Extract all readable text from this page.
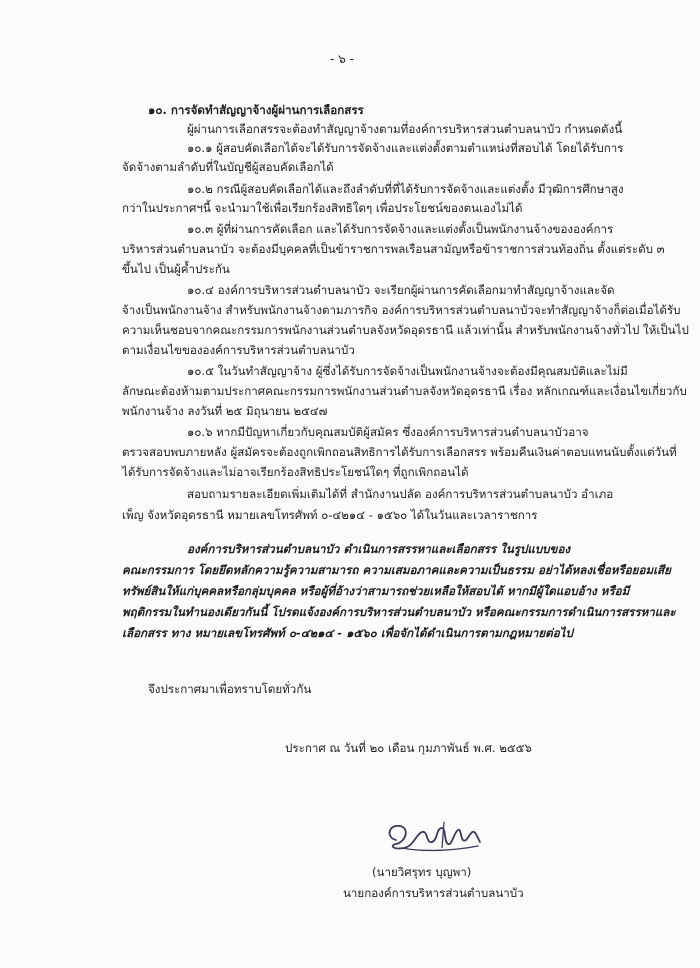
- ๖ -
๑๐. การจัดทำสัญญาจ้างผู้ผ่านการเลือกสรร
ผู้ผ่านการเลือกสรรจะต้องทำสัญญาจ้างตามที่องค์การบริหารส่วนตำบลนาบัว กำหนดดังนี้
๑๐.๑ ผู้สอบคัดเลือกได้จะได้รับการจัดจ้างและแต่งตั้งตามตำแหน่งที่สอบได้ โดยได้รับการ
จัดจ้างตามลำดับที่ในบัญชีผู้สอบคัดเลือกได้
๑๐.๒ กรณีผู้สอบคัดเลือกได้และถึงลำดับที่ที่ได้รับการจัดจ้างและแต่งตั้ง มีวุฒิการศึกษาสูง
กว่าในประกาศฯนี้ จะนำมาใช้เพื่อเรียกร้องสิทธิใดๆ เพื่อประโยชน์ของตนเองไม่ได้
๑๐.๓ ผู้ที่ผ่านการคัดเลือก และได้รับการจัดจ้างและแต่งตั้งเป็นพนักงานจ้างขององค์การ
บริหารส่วนตำบลนาบัว จะต้องมีบุคคลที่เป็นข้าราชการพลเรือนสามัญหรือข้าราชการส่วนท้องถิ่น ตั้งแต่ระดับ ๓
ขึ้นไป เป็นผู้ค้ำประกัน
๑๐.๔ องค์การบริหารส่วนตำบลนาบัว จะเรียกผู้ผ่านการคัดเลือกมาทำสัญญาจ้างและจัด
จ้างเป็นพนักงานจ้าง สำหรับพนักงานจ้างตามภารกิจ องค์การบริหารส่วนตำบลนาบัวจะทำสัญญาจ้างก็ต่อเมื่อได้รับ
ความเห็นชอบจากคณะกรรมการพนักงานส่วนตำบลจังหวัดอุดรธานี แล้วเท่านั้น สำหรับพนักงานจ้างทั่วไป ให้เป็นไป
ตามเงื่อนไขขององค์การบริหารส่วนตำบลนาบัว
๑๐.๕ ในวันทำสัญญาจ้าง ผู้ซึ่งได้รับการจัดจ้างเป็นพนักงานจ้างจะต้องมีคุณสมบัติและไม่มี
ลักษณะต้องห้ามตามประกาศคณะกรรมการพนักงานส่วนตำบลจังหวัดอุดรธานี เรื่อง หลักเกณฑ์และเงื่อนไขเกี่ยวกับ
พนักงานจ้าง ลงวันที่ ๒๕ มิถุนายน ๒๕๔๗
๑๐.๖ หากมีปัญหาเกี่ยวกับคุณสมบัติผู้สมัคร ซึ่งองค์การบริหารส่วนตำบลนาบัวอาจ
ตรวจสอบพบภายหลัง ผู้สมัครจะต้องถูกเพิกถอนสิทธิการได้รับการเลือกสรร พร้อมคืนเงินค่าตอบแทนนับตั้งแต่วันที่
ได้รับการจัดจ้างและไม่อาจเรียกร้องสิทธิประโยชน์ใดๆ ที่ถูกเพิกถอนได้
สอบถามรายละเอียดเพิ่มเติมได้ที่ สำนักงานปลัด องค์การบริหารส่วนตำบลนาบัว อำเภอ
เพ็ญ จังหวัดอุดรธานี หมายเลขโทรศัพท์ ๐-๔๒๑๔ - ๑๕๖๐ ได้ในวันและเวลาราชการ
องค์การบริหารส่วนตำบลนาบัว ดำเนินการสรรหาและเลือกสรร ในรูปแบบของ
คณะกรรมการ โดยยึดหลักความรู้ความสามารถ ความเสมอภาคและความเป็นธรรม อย่าได้หลงเชื่อหรือยอมเสีย
ทรัพย์สินให้แก่บุคคลหรือกลุ่มบุคคล หรือผู้ที่อ้างว่าสามารถช่วยเหลือให้สอบได้ หากมีผู้ใดแอบอ้าง หรือมี
พฤติกรรมในทำนองเดียวกันนี้ โปรดแจ้งองค์การบริหารส่วนตำบลนาบัว หรือคณะกรรมการดำเนินการสรรหาและ
เลือกสรร ทาง หมายเลขโทรศัพท์ ๐-๔๒๑๔ - ๑๕๖๐ เพื่อจักได้ดำเนินการตามกฎหมายต่อไป
จึงประกาศมาเพื่อทราบโดยทั่วกัน
ประกาศ ณ วันที่ ๒๐ เดือน กุมภาพันธ์ พ.ศ. ๒๕๕๖
(นายวิศรุทร บุญพา)
นายกองค์การบริหารส่วนตำบลนาบัว
